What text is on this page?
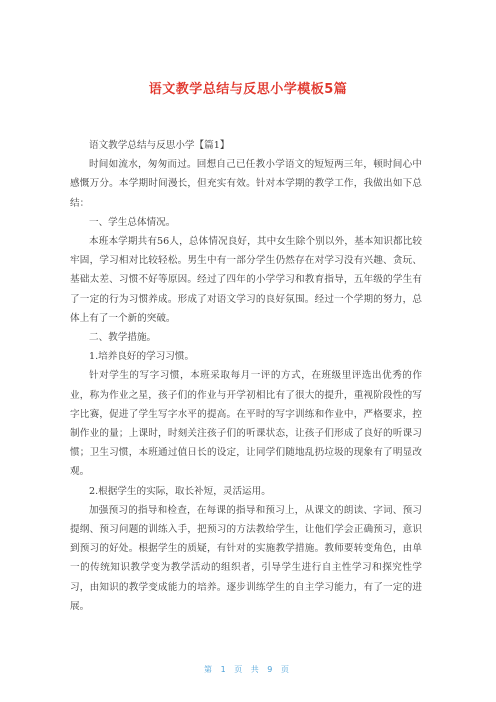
语文教学总结与反思小学模板5篇

语文教学总结与反思小学【篇1】

时间如流水，匆匆而过。回想自己已任教小学语文的短短两三年，顿时间心中感慨万分。本学期时间漫长，但充实有效。针对本学期的教学工作，我做出如下总结：

一、学生总体情况。

本班本学期共有56人，总体情况良好，其中女生除个别以外，基本知识都比较牢固，学习相对比较轻松。男生中有一部分学生仍然存在对学习没有兴趣、贪玩、基础太差、习惯不好等原因。经过了四年的小学学习和教育指导，五年级的学生有了一定的行为习惯养成。形成了对语文学习的良好氛围。经过一个学期的努力，总体上有了一个新的突破。

二、教学措施。

1.培养良好的学习习惯。

针对学生的写字习惯，本班采取每月一评的方式，在班级里评选出优秀的作业，称为作业之星，孩子们的作业与开学初相比有了很大的提升，重视阶段性的写字比赛，促进了学生写字水平的提高。在平时的写字训练和作业中，严格要求，控制作业的量；上课时，时刻关注孩子们的听课状态，让孩子们形成了良好的听课习惯；卫生习惯，本班通过值日长的设定，让同学们随地乱扔垃圾的现象有了明显改观。

2.根据学生的实际，取长补短，灵活运用。

加强预习的指导和检查，在每课的指导和预习上，从课文的朗读、字词、预习提纲、预习问题的训练入手，把预习的方法教给学生，让他们学会正确预习，意识到预习的好处。根据学生的质疑，有针对的实施教学措施。教师要转变角色，由单一的传统知识教学变为教学活动的组织者，引导学生进行自主性学习和探究性学习，由知识的教学变成能力的培养。逐步训练学生的自主学习能力，有了一定的进展。

第 1 页 共 9 页
